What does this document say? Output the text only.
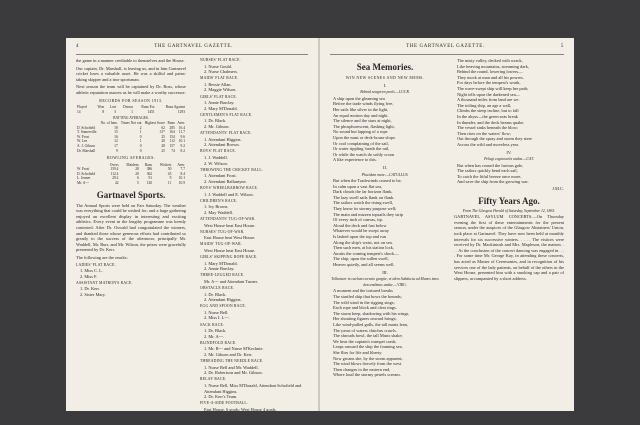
4	THE GARTNAVEL GAZETTE.

the game in a manner creditable to themselves and the House.

Our captain, Dr. Marshall, is leaving us, and in him Gartnavel cricket loses a valuable asset. He was a skilful and pains-taking skipper and a true sportsman.

Next season the team will be captained by Dr. Ross, whose athletic reputation assures us he will make a worthy successor.

RECORDS FOR SEASON 1913.
Played	Won	Lost	Drawn	Runs For	Runs Against
14	8	5	1	1451	1293
BATTING AVERAGES.					
	No. of Inns.	Times Not out	Highest Score	Runs	Aver.
D. Schofield	18	2	62	285	16.4
T. Somerville	15	1	31*	164	11.7
W. Frost	16	0	25	154	9.6
W. Lee	12	1	20	112	10.1
A. J. Gibson	17	0	28	157	9.2
Dr. Marshall	9	0	25	74	8.2
BOWLING AVERAGES.
	Overs	Maidens	Runs	Wickets	Aver.
W. Frost	159.4	28	386	50	7.7
D. Schofield	112.4	20	362	43	8.4
L. Jenner	29.2	6	91	9	10.1
Mr. A---	42	5	120	11	10.9
Gartnavel Sports.

The Annual Sports were held on Fair Saturday. The weather was everything that could be wished for; and a large gathering enjoyed an excellent display in interesting and exciting athletics. Every event in the lengthy programme was keenly contested. After Dr. Oswald had congratulated the winners, and thanked those whose generous efforts had contributed so greatly to the success of the afternoon, principally Mr. Waddell, Mr. Burr, and Mr. Wilson, the prizes were gracefully presented by Dr. Kerr.

The following are the results:

LADIES' FLAT RACE.
1. Miss C. L.
2. Miss F.
ASSISTANT MATRON'S RACE.
1. Dr. Kerr.
2. Sister Mary.
NURSES' FLAT RACE.
1. Nurse Gould.
2. Nurse Chalmers.
MAIDS' FLAT RACE.
1. Bessie Allan.
2. Maggie Wilson.
GIRLS' FLAT RACE.
1. Annie Barclay.
2. Mary M'Donald.
GENTLEMEN'S FLAT RACE.
1. Dr. Black.
2. Mr. Gibson.
ATTENDANTS' FLAT RACE.
1. Attendant Higgins.
2. Attendant Brown.
BOYS' FLAT RACE.
1. J. Waddell.
2. W. Wilson.
THROWING THE CRICKET BALL.
1. Attendant Frost.
2. Attendant Ballantyne.
BOYS' WHEELBARROW RACE.
1. J. Waddell and E. Wilson.
CHILDREN'S RACE.
1. Ivy Brown.
2. May Waddell.
ATTENDANTS' TUG-OF-WAR.
West House beat East House.
NURSES' TUG-OF-WAR.
East House beat West House.
MAIDS' TUG-OF-WAR.
West House beat East House.
GIRLS' SKIPPING ROPE RACE.
1. Mary M'Donald.
2. Annie Barclay.
THREE-LEGGED RACE.
Mr. A--- and Attendant Turner.
OBSTACLE RACE.
1. Dr. Black.
2. Attendant Higgins.
EGG AND SPOON RACE.
1. Nurse Bell.
2. Miss I. L---.
SACK RACE.
1. Dr. Black.
2. Mr. A---.
BLINDFOLD RACE.
1. Mr. R--- and Nurse M'Kechnie.
2. Mr. Gibson and Dr. Kerr.
THREADING THE NEEDLE RACE.
1. Nurse Bell and Mr. Waddell.
2. Dr. Robertson and Mr. Gibson.
RELAY RACE.
1. Nurse Bell, Miss M'Donald, Attendant Schofield and Attendant Higgins.
2. Dr. Kerr's Team.
FIVE-A-SIDE FOOTBALL.
East House, 6 goals; West House 4 goals.
THE GARTNAVEL GAZETTE.	5
Sea Memories.
WIN NEW SCENES AND NEW MEMS.
I.
Behind seagreen pools.—LUCR.
A ship upon the gleaming sea
Before the trade winds flying free,
Her sails like silver in the light,
An equal motion day and night.
The silence and the stars at night,
The phosphorescent, flashing light,
No sound but lapping of a rope
Upon the mast or deck-house slope.
Or cool complaining of the sail,
Or water rippling 'neath the rail,
Or while the watch do softly croon
A like experience to this.
II.
Placidum mare.—CATULLUS.
But when the Tradewinds ceased to be,
In calm upon a vast flat sea,
Dark clouds the far horizon flank,
The lazy swell sails flank on flank.
The sailors watch the rising swell,
They know its stormy purpose well;
The main and mizzen topsails they strip
Of every inch of canvas, tip.
Aloud the deck and fast below
Whatever would be swept away
Is lashed upon the top and run
Along the ship's waist, not on sea.
Then such men, at his station lock,
Awaits the coming tempest's shock—
The ship, upon the sullen swell,
Heaves quietly, and all seems well.
III.
Tollunturr in caelum curvato gurgite, et idem Subducta ad Manes imos descendimus undae.—VIRG.
A moment and the tortured breaks
The startled ship that bows the bounds;
The wild wind in the rigging sings;
Each rope and block and cleat rings.
The storm keep, shadowing with his wings,
Her shouting figures onward brings;
Like wind-pulled gulls, the tall masts lean,
The yawn of waters clutches crawls.
The shrouds howl, the tall Masts shake;
We hear the captain's trumpet crash;
Leaps onward the ship the foaming sea,
She flies for life and liberty.
Now groans she, by the storm apparent,
The wind blows fiercely from the west.
Then changes to the eastern end,
Where loud the stormy petrels scream.
The misty valley, decked with wrack,
Like heaving mountains, streaming dark,
Behind the round, lowering lowers—
They mock at man and all his powers.
For days before the tempest's wrath,
The wave-swept ship will keep her path;
Night tells upon the darkened sea—
A thousand miles from land are we.
The toiling ship, an age a wall,
Climbs the steep incline, but to fall
In the abyss—the green seas break
In thunder, and the deck beams quake.
The vessel sinks beneath the blow;
Then rises on the waters' flow;
Out through the spray and storm they steer
Across the wild and moveless year.
IV.
Pelagi cognoscitis undas.—CAT.
But when has ceased the furious gale,
The sailors quickly bend each sail,
To catch the fitful breeze once more,
And save the ship from the growing war.
J.M.C.
Fifty Years Ago.
From The Glasgow Herald of Saturday, September 12, 1863.

GARTNAVEL ASYLUM CONCERTS.—On Thursday evening the first of these entertainments for the present season, under the auspices of the Glasgow Abstainers' Union, took place at Gartnavel. They have now been held at monthly intervals for six successive winters. . . . . The visitors were received by Dr. Mackintosh and Mrs. Mapleson, the matron. . . . At the conclusion of the concert dancing was engaged in. . . . For some time Mr. George Kay, in attending these concerts, has acted as Master of Ceremonies, and in recognition of his services one of the lady patients, on behalf of the others in the West House, presented him with a smoking cap and a pair of slippers, accompanied by a short address.
